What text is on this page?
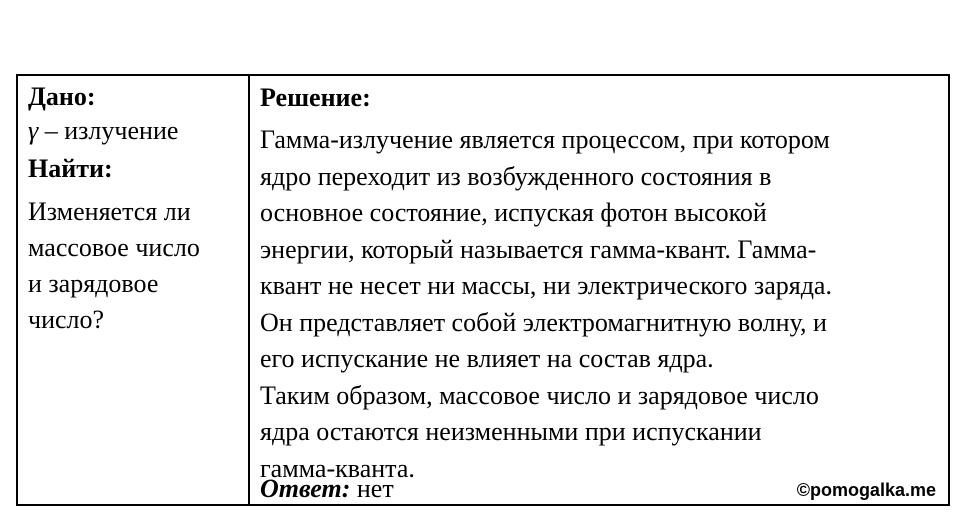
Дано:
γ – излучение
Найти:
Изменяется ли
массовое число
и зарядовое
число?
Решение:
Гамма-излучение является процессом, при котором
ядро переходит из возбужденного состояния в
основное состояние, испуская фотон высокой
энергии, который называется гамма-квант. Гамма-
квант не несет ни массы, ни электрического заряда.
Он представляет собой электромагнитную волну, и
его испускание не влияет на состав ядра.
Таким образом, массовое число и зарядовое число
ядра остаются неизменными при испускании
гамма-кванта.
Ответ: нет	©pomogalka.me
